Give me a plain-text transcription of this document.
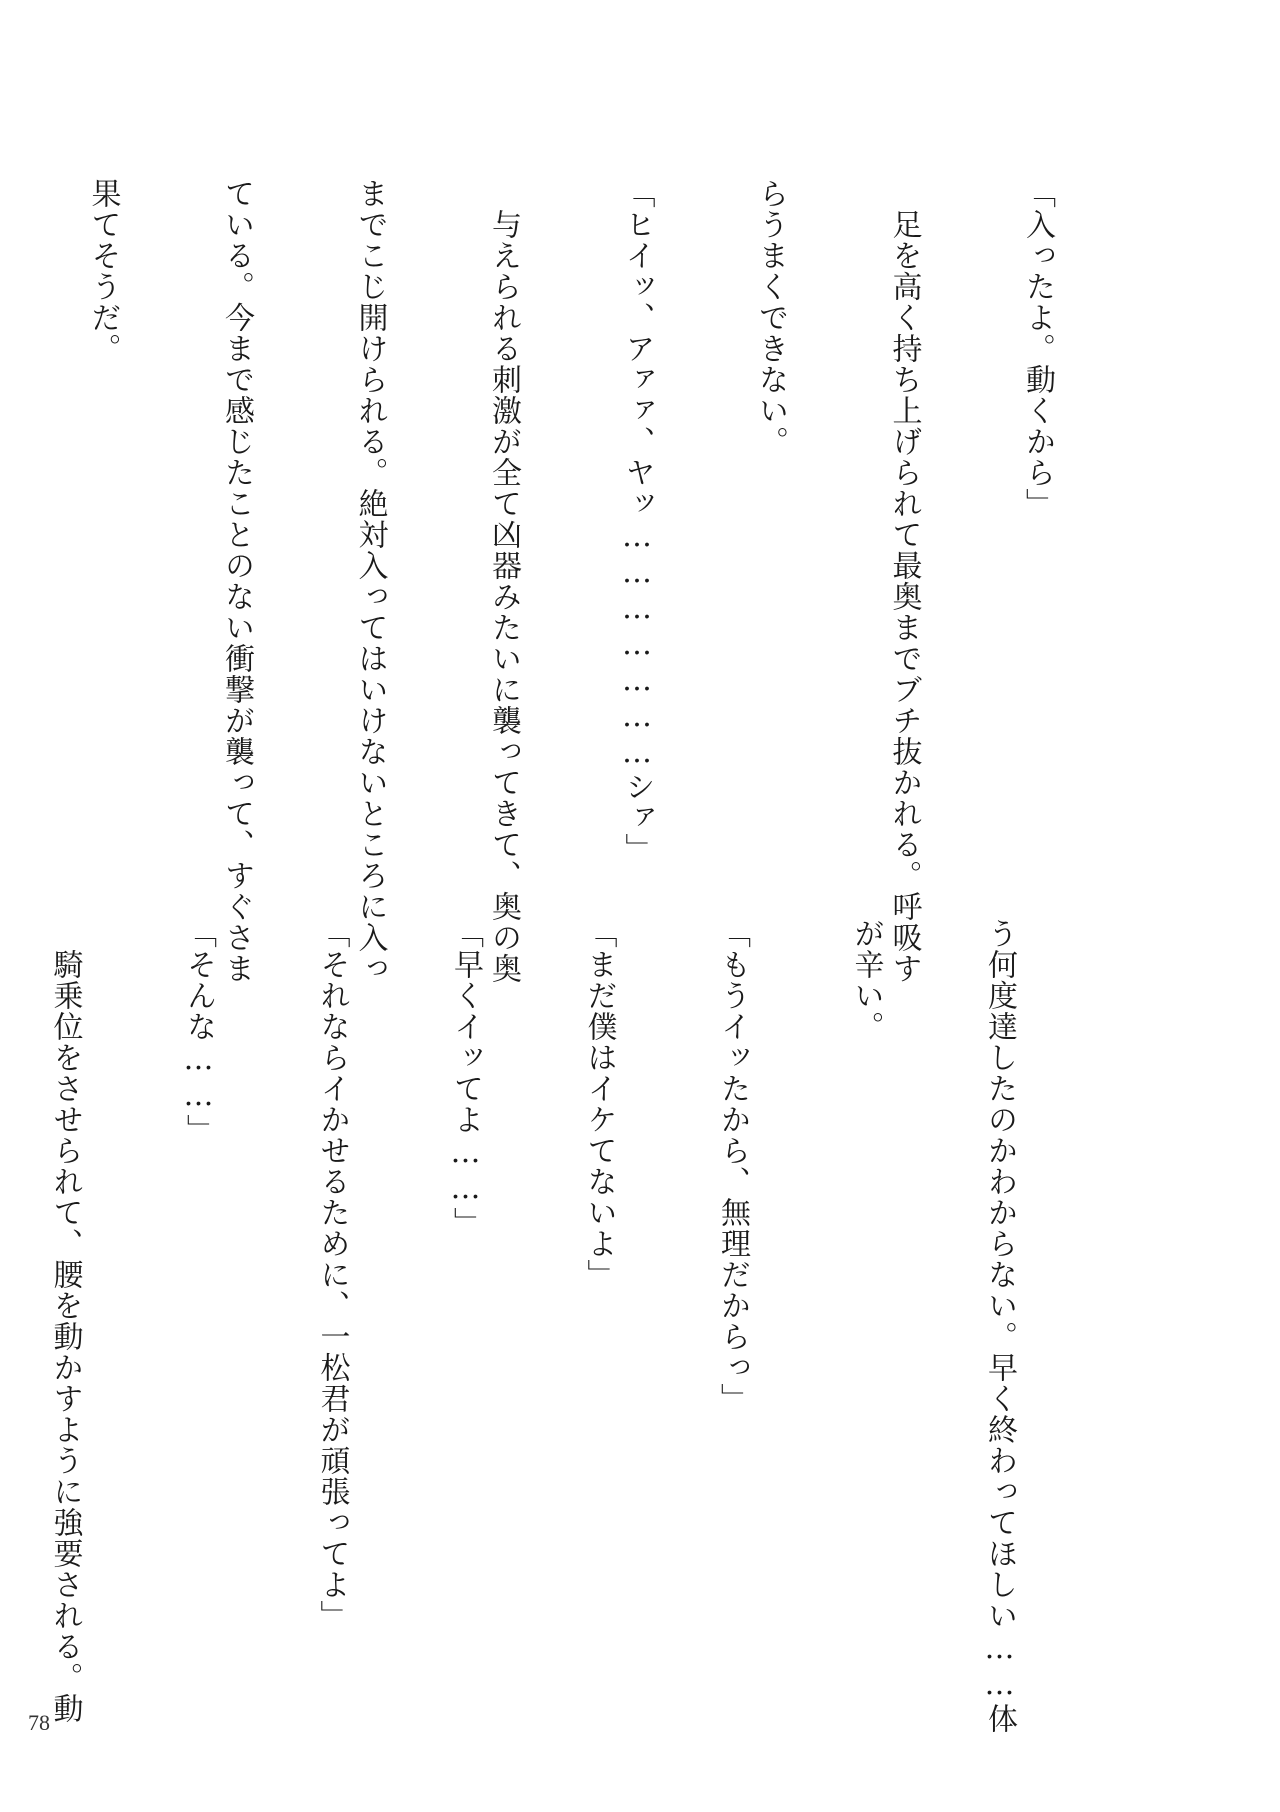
「入ったよ。動くから」

　足を高く持ち上げられて最奥までブチ抜かれる。呼吸す

らうまくできない。

「ヒイッ、アァァ、ヤッ…………………シァ」

　与えられる刺激が全て凶器みたいに襲ってきて、奥の奥

までこじ開けられる。絶対入ってはいけないところに入っ

ている。今まで感じたことのない衝撃が襲って、すぐさま

果てそうだ。

う何度達したのかわからない。早く終わってほしい……体

が辛い。

「もうイッたから、無理だからっ」

「まだ僕はイケてないよ」

「早くイッてよ……」

「それならイかせるために、一松君が頑張ってよ」

「そんな……」

　騎乗位をさせられて、腰を動かすように強要される。動

78
